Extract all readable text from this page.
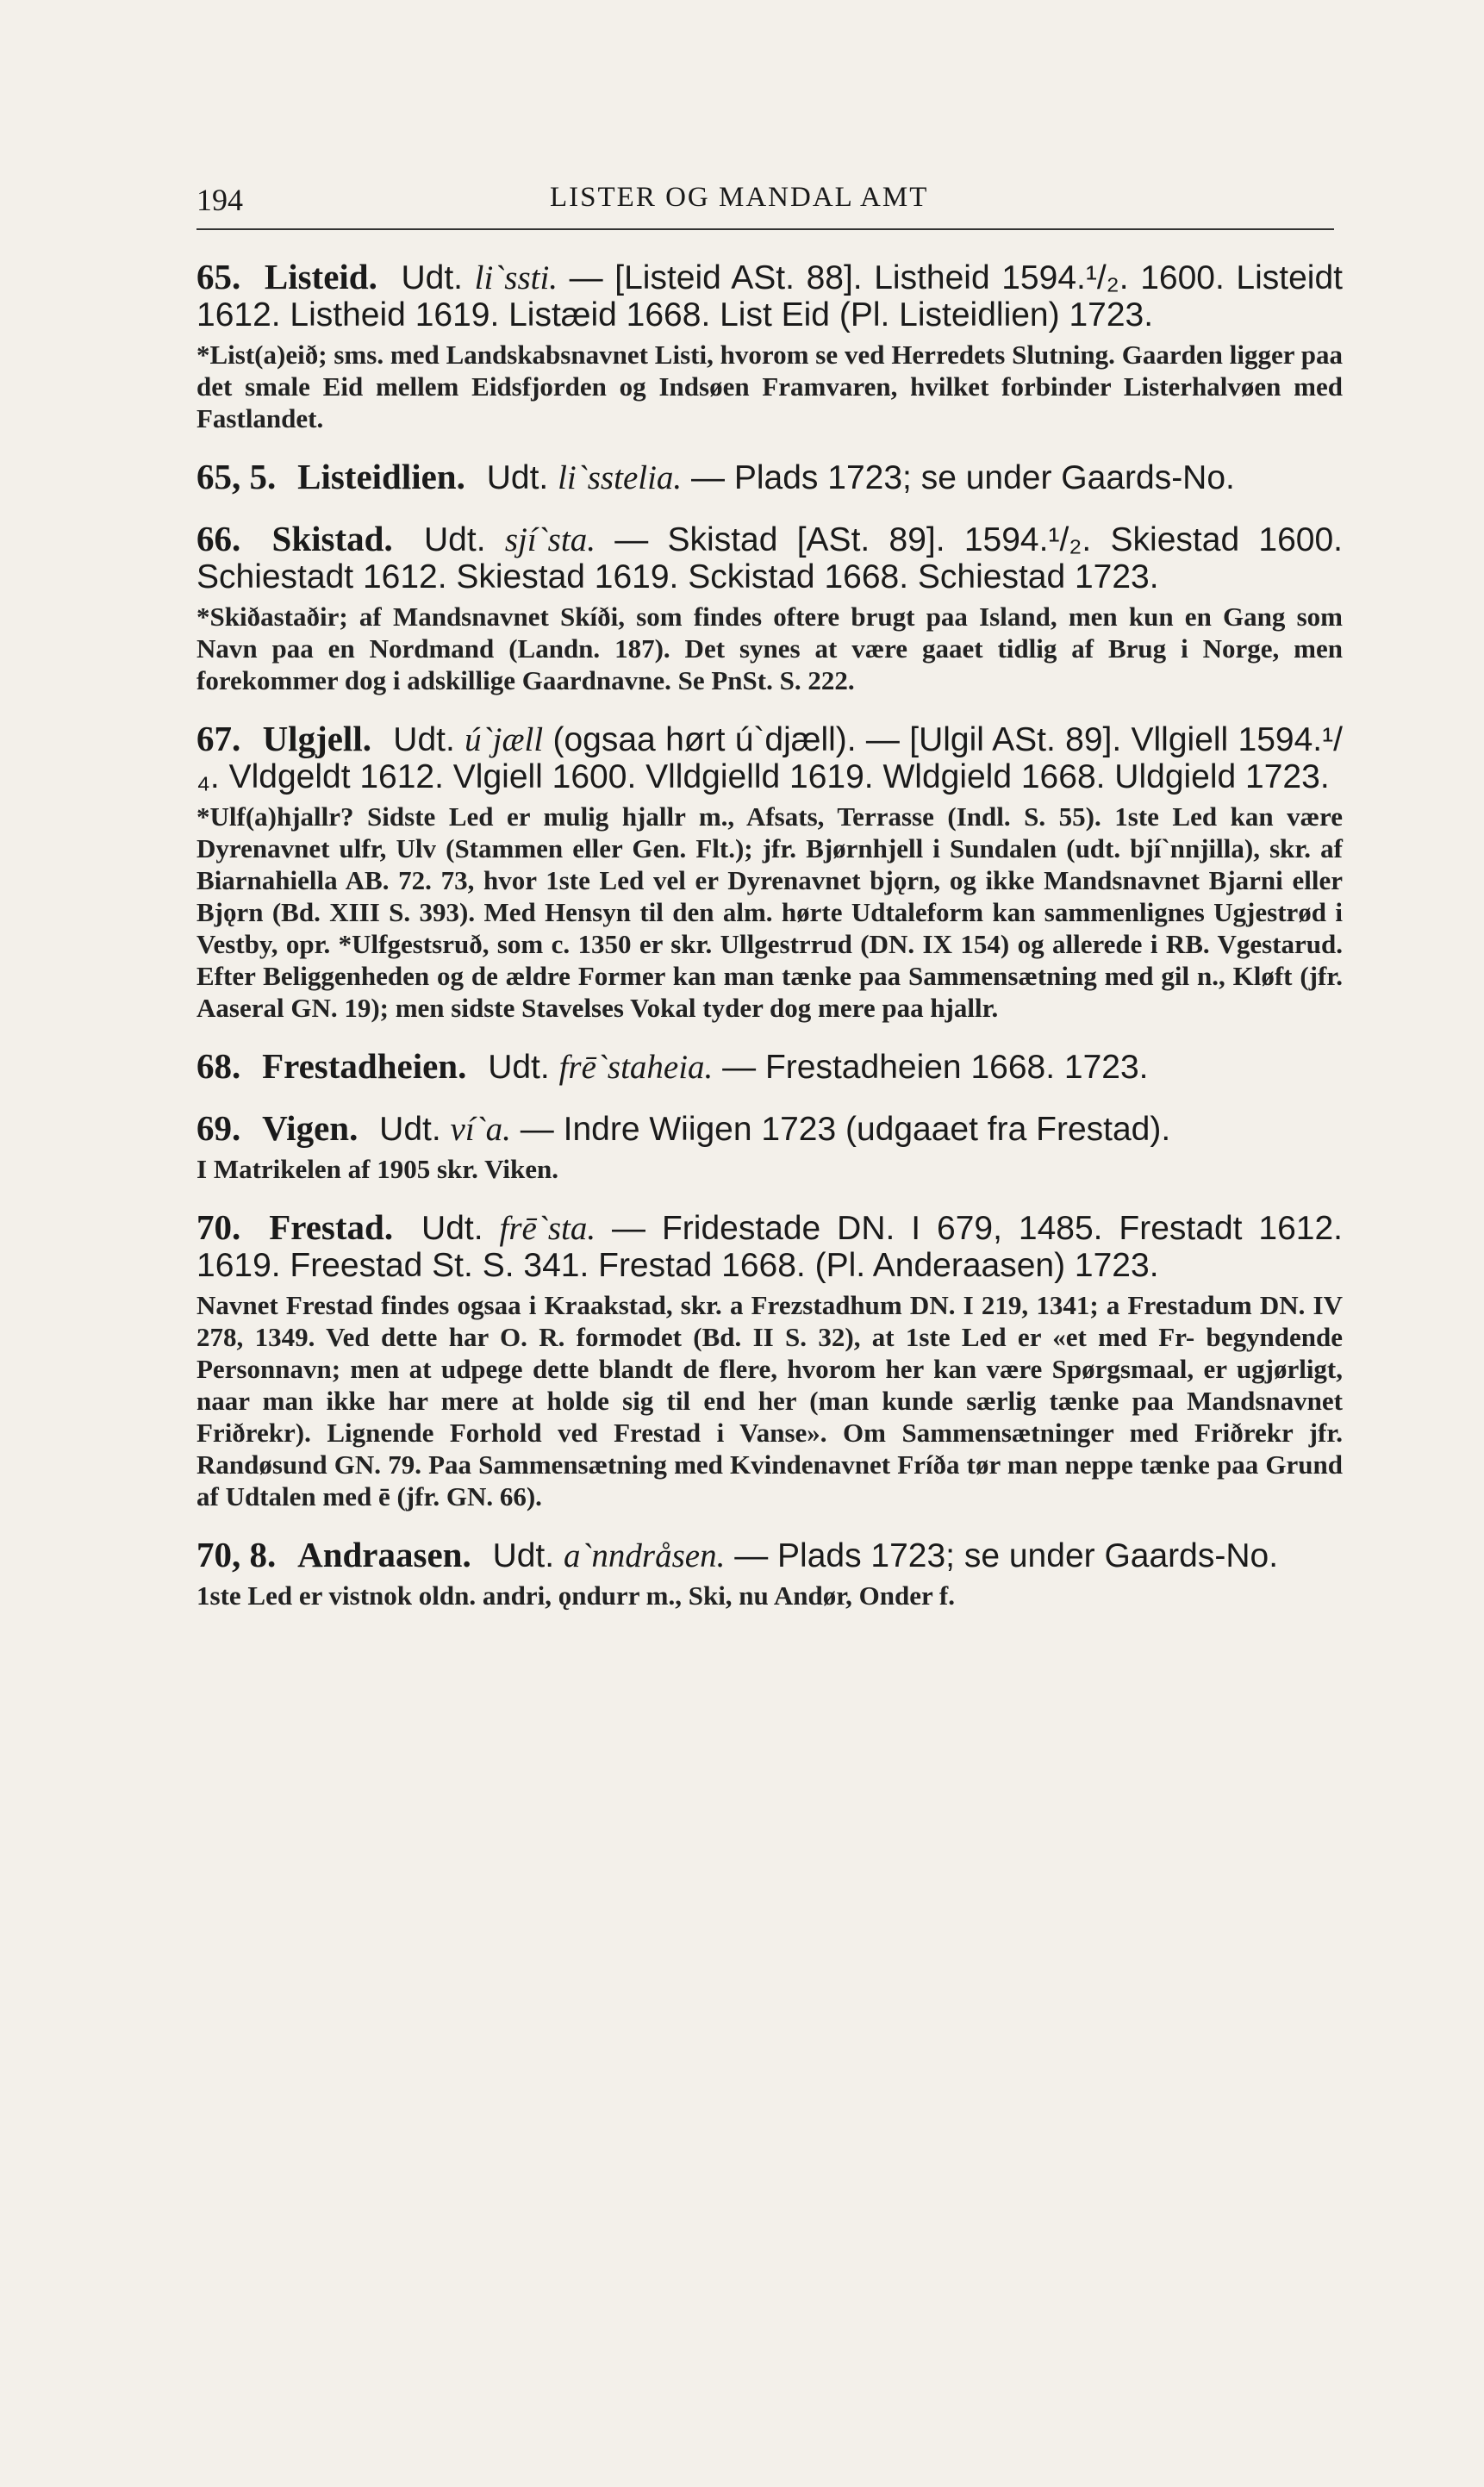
194	LISTER OG MANDAL AMT

65. Listeid. Udt. li`ssti. — [Listeid ASt. 88]. Listheid 1594.¹/₂. 1600. Listeidt 1612. Listheid 1619. Listæid 1668. List Eid (Pl. Listeidlien) 1723.

*List(a)eið; sms. med Landskabsnavnet Listi, hvorom se ved Herredets Slutning. Gaarden ligger paa det smale Eid mellem Eidsfjorden og Indsøen Framvaren, hvilket forbinder Listerhalvøen med Fastlandet.

65, 5. Listeidlien. Udt. li`sstelia. — Plads 1723; se under Gaards-No.

66. Skistad. Udt. sjí`sta. — Skistad [ASt. 89]. 1594.¹/₂. Skiestad 1600. Schiestadt 1612. Skiestad 1619. Sckistad 1668. Schiestad 1723.

*Skiðastaðir; af Mandsnavnet Skíði, som findes oftere brugt paa Island, men kun en Gang som Navn paa en Nordmand (Landn. 187). Det synes at være gaaet tidlig af Brug i Norge, men forekommer dog i adskillige Gaardnavne. Se PnSt. S. 222.

67. Ulgjell. Udt. ú`jæll (ogsaa hørt ú`djæll). — [Ulgil ASt. 89]. Vllgiell 1594.¹/₄. Vldgeldt 1612. Vlgiell 1600. Vlldgielld 1619. Wldgield 1668. Uldgield 1723.

*Ulf(a)hjallr? Sidste Led er mulig hjallr m., Afsats, Terrasse (Indl. S. 55). 1ste Led kan være Dyrenavnet ulfr, Ulv (Stammen eller Gen. Flt.); jfr. Bjørnhjell i Sundalen (udt. bjí`nnjilla), skr. af Biarnahiella AB. 72. 73, hvor 1ste Led vel er Dyrenavnet bjǫrn, og ikke Mandsnavnet Bjarni eller Bjǫrn (Bd. XIII S. 393). Med Hensyn til den alm. hørte Udtaleform kan sammenlignes Ugjestrød i Vestby, opr. *Ulfgestsruð, som c. 1350 er skr. Ullgestrrud (DN. IX 154) og allerede i RB. Vgestarud. Efter Beliggenheden og de ældre Former kan man tænke paa Sammensætning med gil n., Kløft (jfr. Aaseral GN. 19); men sidste Stavelses Vokal tyder dog mere paa hjallr.

68. Frestadheien. Udt. frē`staheia. — Frestadheien 1668. 1723.

69. Vigen. Udt. ví`a. — Indre Wiigen 1723 (udgaaet fra Frestad).

I Matrikelen af 1905 skr. Viken.

70. Frestad. Udt. frē`sta. — Fridestade DN. I 679, 1485. Frestadt 1612. 1619. Freestad St. S. 341. Frestad 1668. (Pl. Anderaasen) 1723.

Navnet Frestad findes ogsaa i Kraakstad, skr. a Frezstadhum DN. I 219, 1341; a Frestadum DN. IV 278, 1349. Ved dette har O. R. formodet (Bd. II S. 32), at 1ste Led er «et med Fr- begyndende Personnavn; men at udpege dette blandt de flere, hvorom her kan være Spørgsmaal, er ugjørligt, naar man ikke har mere at holde sig til end her (man kunde særlig tænke paa Mandsnavnet Friðrekr). Lignende Forhold ved Frestad i Vanse». Om Sammensætninger med Friðrekr jfr. Randøsund GN. 79. Paa Sammensætning med Kvindenavnet Fríða tør man neppe tænke paa Grund af Udtalen med ē (jfr. GN. 66).

70, 8. Andraasen. Udt. a`nndråsen. — Plads 1723; se under Gaards-No.

1ste Led er vistnok oldn. andri, ǫndurr m., Ski, nu Andør, Onder f.
